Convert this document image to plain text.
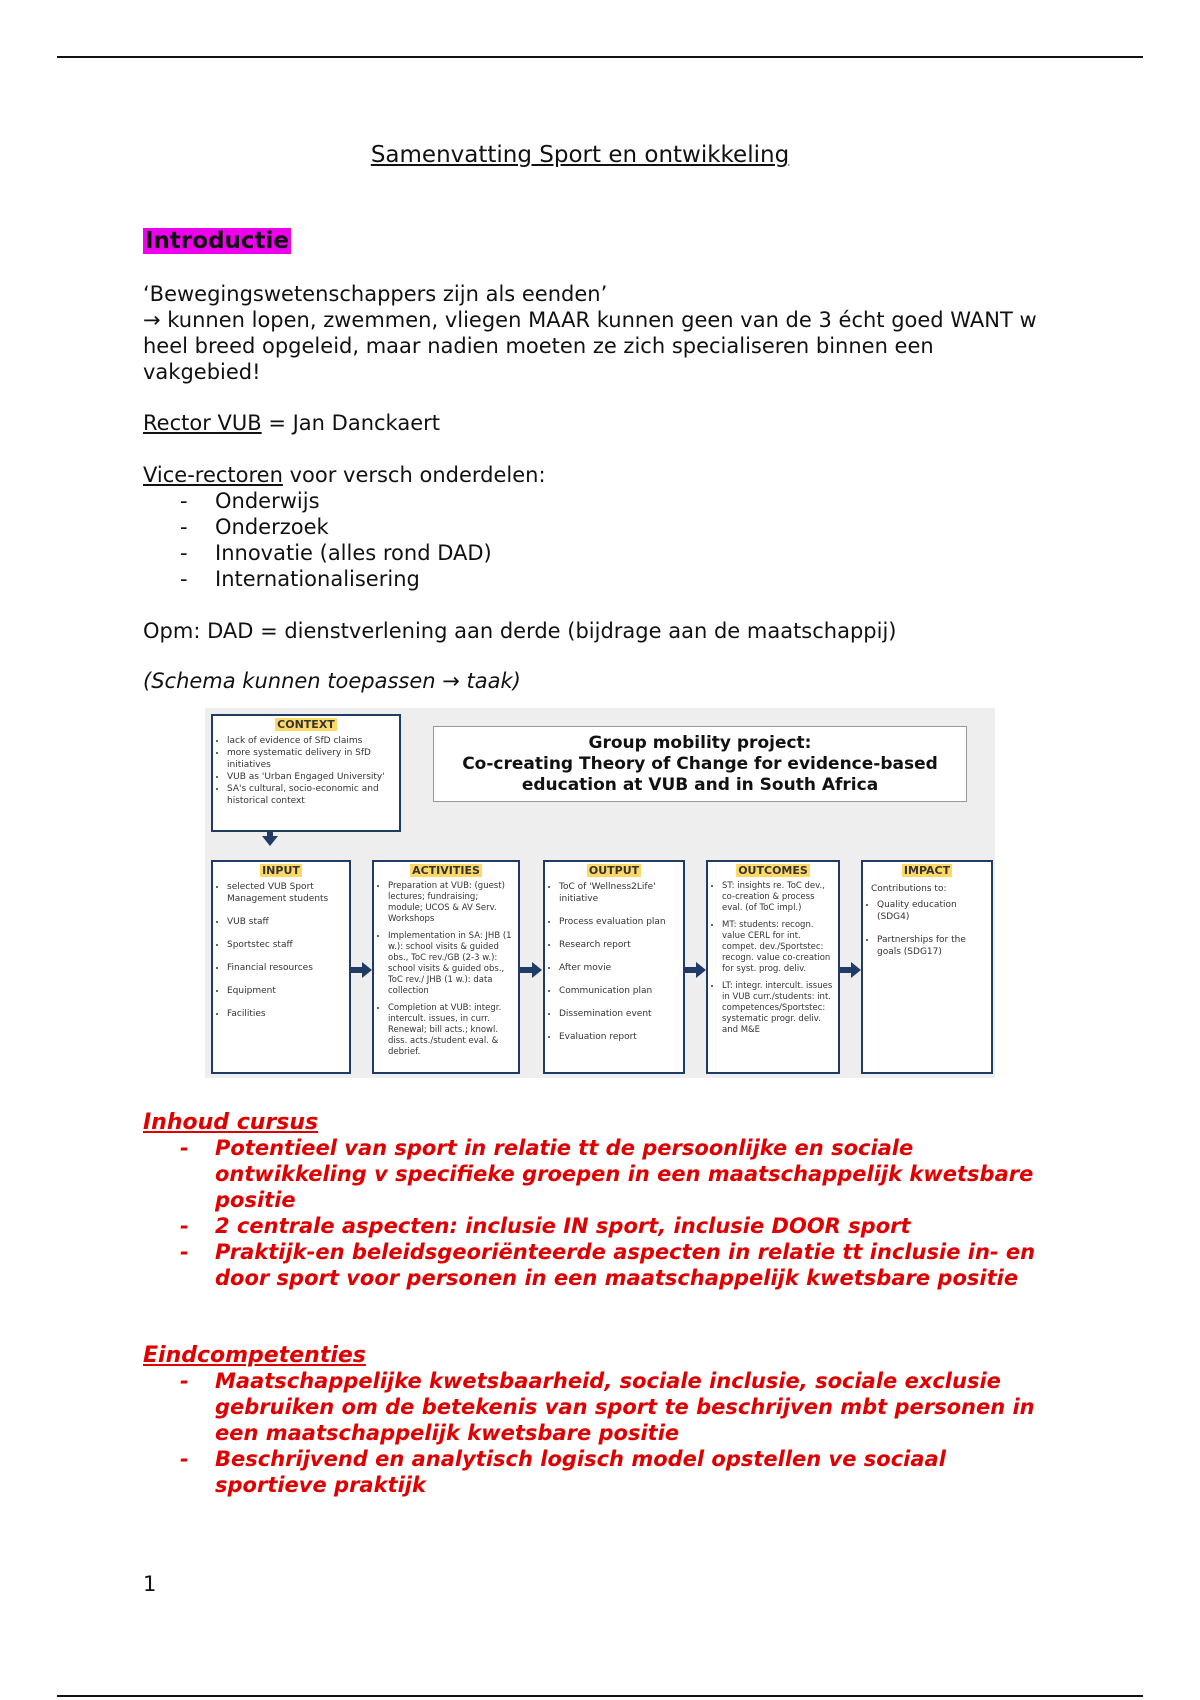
Samenvatting Sport en ontwikkeling
Introductie
‘Bewegingswetenschappers zijn als eenden’
→ kunnen lopen, zwemmen, vliegen MAAR kunnen geen van de 3 écht goed WANT w heel breed opgeleid, maar nadien moeten ze zich specialiseren binnen een vakgebied!
Rector VUB = Jan Danckaert
Vice-rectoren voor versch onderdelen:
- Onderwijs
- Onderzoek
- Innovatie (alles rond DAD)
- Internationalisering
Opm: DAD = dienstverlening aan derde (bijdrage aan de maatschappij)
(Schema kunnen toepassen → taak)
CONTEXT
• lack of evidence of SfD claims
• more systematic delivery in SfD initiatives
• VUB as 'Urban Engaged University'
• SA's cultural, socio-economic and historical context
Group mobility project:
Co-creating Theory of Change for evidence-based education at VUB and in South Africa
INPUT
• selected VUB Sport Management students
• VUB staff
• Sportstec staff
• Financial resources
• Equipment
• Facilities
ACTIVITIES
• Preparation at VUB: (guest) lectures; fundraising; module; UCOS & AV Serv. Workshops
• Implementation in SA: JHB (1 w.): school visits & guided obs., ToC rev./GB (2-3 w.): school visits & guided obs., ToC rev./ JHB (1 w.): data collection
• Completion at VUB: integr. intercult. issues, in curr. Renewal; bill acts.; knowl. diss. acts./student eval. & debrief.
OUTPUT
• ToC of 'Wellness2Life' initiative
• Process evaluation plan
• Research report
• After movie
• Communication plan
• Dissemination event
• Evaluation report
OUTCOMES
• ST: insights re. ToC dev., co-creation & process eval. (of ToC impl.)
• MT: students: recogn. value CERL for int. compet. dev./Sportstec: recogn. value co-creation for syst. prog. deliv.
• LT: integr. intercult. issues in VUB curr./students: int. competences/Sportstec: systematic progr. deliv. and M&E
IMPACT
Contributions to:
• Quality education (SDG4)
• Partnerships for the goals (SDG17)
Inhoud cursus
- Potentieel van sport in relatie tt de persoonlijke en sociale ontwikkeling v specifieke groepen in een maatschappelijk kwetsbare positie
- 2 centrale aspecten: inclusie IN sport, inclusie DOOR sport
- Praktijk-en beleidsgeoriënteerde aspecten in relatie tt inclusie in- en door sport voor personen in een maatschappelijk kwetsbare positie
Eindcompetenties
- Maatschappelijke kwetsbaarheid, sociale inclusie, sociale exclusie gebruiken om de betekenis van sport te beschrijven mbt personen in een maatschappelijk kwetsbare positie
- Beschrijvend en analytisch logisch model opstellen ve sociaal sportieve praktijk
1
